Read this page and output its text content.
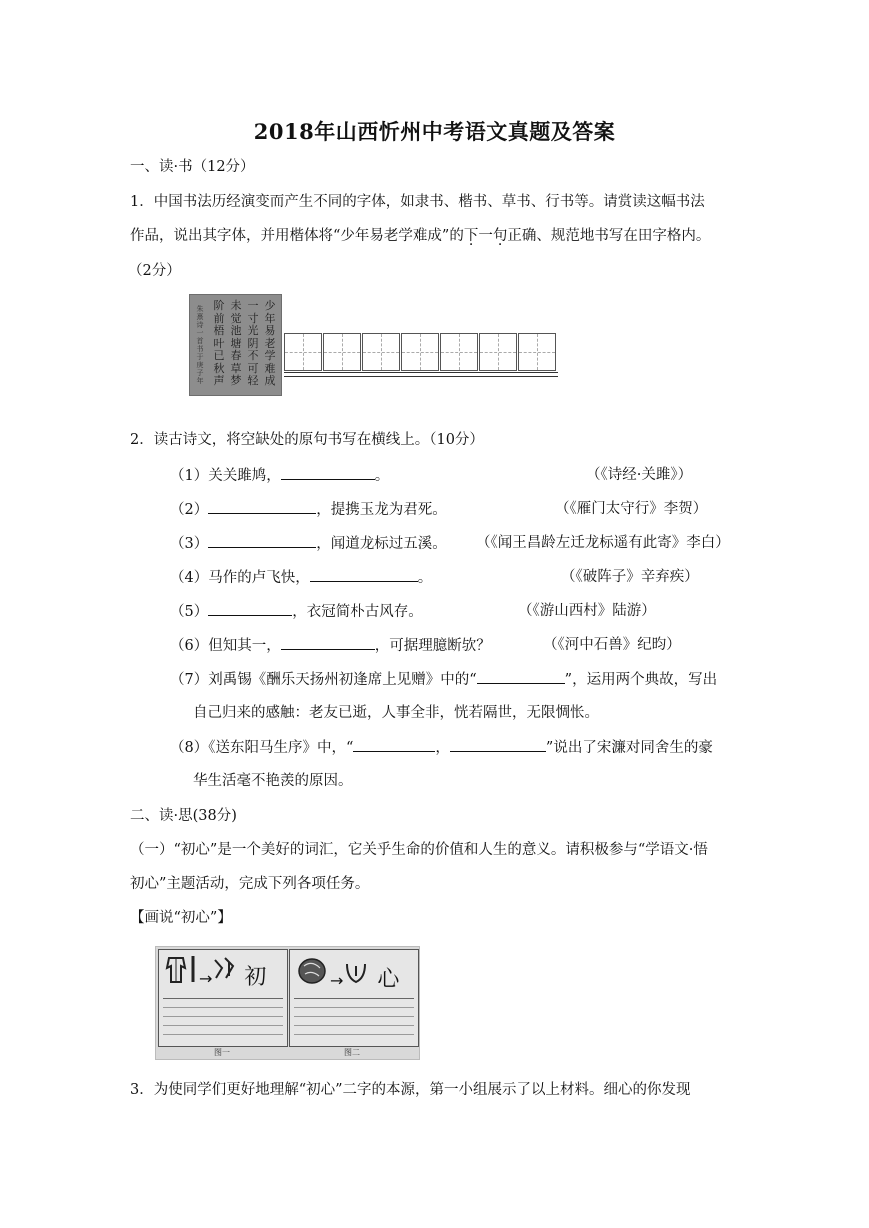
2018年山西忻州中考语文真题及答案
一、读·书（12分）
1．中国书法历经演变而产生不同的字体，如隶书、楷书、草书、行书等。请赏读这幅书法
作品，说出其字体，并用楷体将“少年易老学难成”的下一句正确、规范地书写在田字格内。
（2分）
少
年
易
老
学
难
成
一
寸
光
阴
不
可
轻
未
觉
池
塘
春
草
梦
阶
前
梧
叶
已
秋
声
朱
熹
诗
一
首
书
于
庚
子
年
2．读古诗文，将空缺处的原句书写在横线上。（10分）
（1）关关雎鸠，	。	（《诗经·关雎》）
（2）	，提携玉龙为君死。	（《雁门太守行》李贺）
（3）	，闻道龙标过五溪。 （《闻王昌龄左迁龙标遥有此寄》李白）
（4）马作的卢飞快，	。	（《破阵子》辛弃疾）
（5）	，衣冠简朴古风存。	（《游山西村》陆游）
（6）但知其一，	，可据理臆断欤？	（《河中石兽》纪昀）
（7）刘禹锡《酬乐天扬州初逢席上见赠》中的“	”，运用两个典故，写出
自己归来的感触：老友已逝，人事全非，恍若隔世，无限惆怅。
（8）《送东阳马生序》中，“	，	”说出了宋濂对同舍生的豪
华生活毫不艳羡的原因。
二、读·思(38分)
（一）“初心”是一个美好的词汇，它关乎生命的价值和人生的意义。请积极参与“学语文·悟
初心”主题活动，完成下列各项任务。
【画说“初心”】
→ 初	→ 心
图一	图二
3．为使同学们更好地理解“初心”二字的本源，第一小组展示了以上材料。细心的你发现
